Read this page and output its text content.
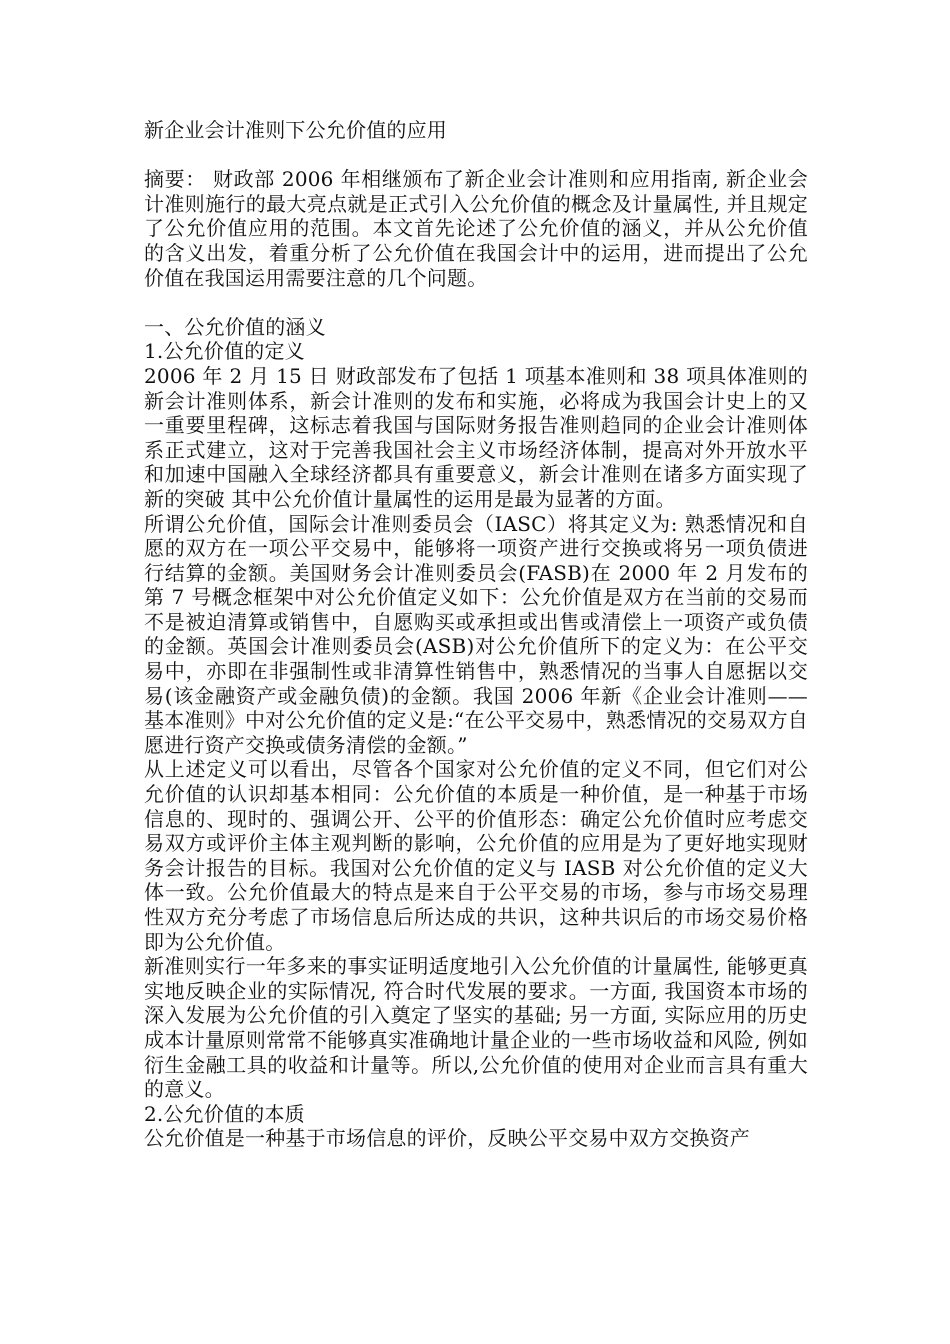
新企业会计准则下公允价值的应用

摘要： 财政部 2006 年相继颁布了新企业会计准则和应用指南, 新企业会计准则施行的最大亮点就是正式引入公允价值的概念及计量属性, 并且规定了公允价值应用的范围。本文首先论述了公允价值的涵义，并从公允价值的含义出发，着重分析了公允价值在我国会计中的运用，进而提出了公允价值在我国运用需要注意的几个问题。

一、公允价值的涵义

1.公允价值的定义

2006 年 2 月 15 日 财政部发布了包括 1 项基本准则和 38 项具体准则的新会计准则体系，新会计准则的发布和实施，必将成为我国会计史上的又一重要里程碑，这标志着我国与国际财务报告准则趋同的企业会计准则体系正式建立，这对于完善我国社会主义市场经济体制，提高对外开放水平和加速中国融入全球经济都具有重要意义，新会计准则在诸多方面实现了新的突破 其中公允价值计量属性的运用是最为显著的方面。

所谓公允价值，国际会计准则委员会（IASC）将其定义为: 熟悉情况和自愿的双方在一项公平交易中，能够将一项资产进行交换或将另一项负债进行结算的金额。美国财务会计准则委员会(FASB)在 2000 年 2 月发布的第 7 号概念框架中对公允价值定义如下：公允价值是双方在当前的交易而不是被迫清算或销售中，自愿购买或承担或出售或清偿上一项资产或负债的金额。英国会计准则委员会(ASB)对公允价值所下的定义为：在公平交易中，亦即在非强制性或非清算性销售中，熟悉情况的当事人自愿据以交易(该金融资产或金融负债)的金额。我国 2006 年新《企业会计准则——基本准则》中对公允价值的定义是:“在公平交易中，熟悉情况的交易双方自愿进行资产交换或债务清偿的金额。”

从上述定义可以看出，尽管各个国家对公允价值的定义不同，但它们对公允价值的认识却基本相同：公允价值的本质是一种价值，是一种基于市场信息的、现时的、强调公开、公平的价值形态：确定公允价值时应考虑交易双方或评价主体主观判断的影响，公允价值的应用是为了更好地实现财务会计报告的目标。我国对公允价值的定义与 IASB 对公允价值的定义大体一致。公允价值最大的特点是来自于公平交易的市场，参与市场交易理性双方充分考虑了市场信息后所达成的共识，这种共识后的市场交易价格即为公允价值。

新准则实行一年多来的事实证明适度地引入公允价值的计量属性, 能够更真实地反映企业的实际情况, 符合时代发展的要求。一方面, 我国资本市场的深入发展为公允价值的引入奠定了坚实的基础; 另一方面, 实际应用的历史成本计量原则常常不能够真实准确地计量企业的一些市场收益和风险, 例如衍生金融工具的收益和计量等。所以,公允价值的使用对企业而言具有重大的意义。

2.公允价值的本质

公允价值是一种基于市场信息的评价，反映公平交易中双方交换资产
